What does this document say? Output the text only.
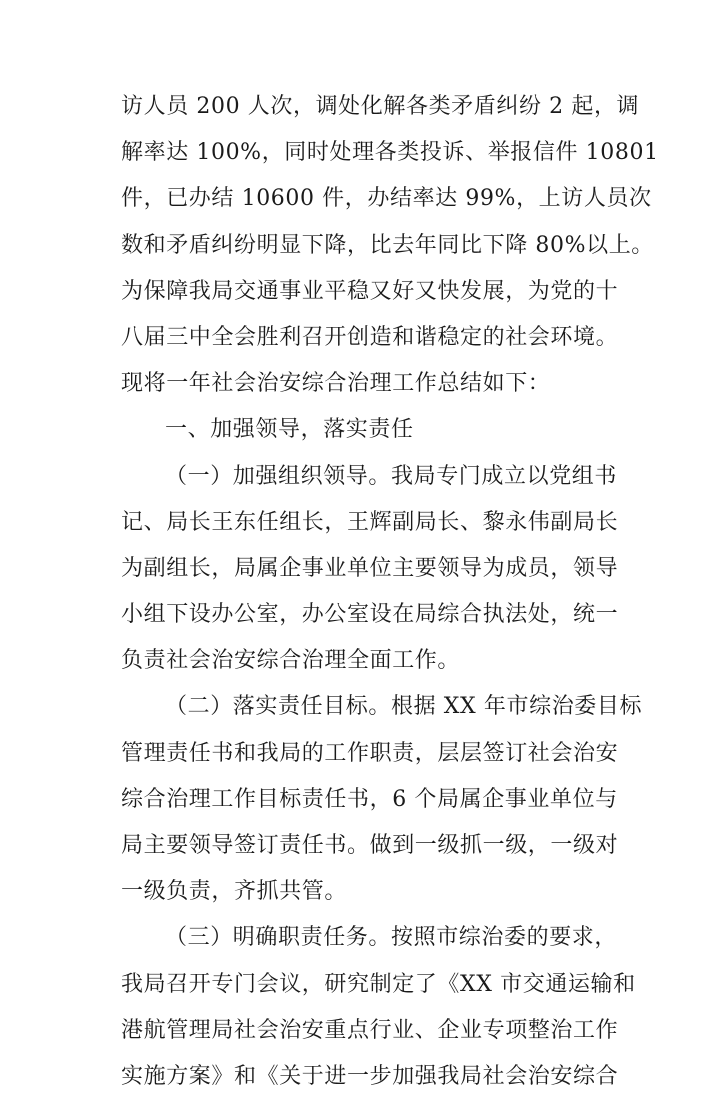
访人员 200 人次，调处化解各类矛盾纠纷 2 起，调
解率达 100%，同时处理各类投诉、举报信件 10801
件，已办结 10600 件，办结率达 99%，上访人员次
数和矛盾纠纷明显下降，比去年同比下降 80%以上。
为保障我局交通事业平稳又好又快发展，为党的十
八届三中全会胜利召开创造和谐稳定的社会环境。
现将一年社会治安综合治理工作总结如下：
一、加强领导，落实责任
（一）加强组织领导。我局专门成立以党组书
记、局长王东任组长，王辉副局长、黎永伟副局长
为副组长，局属企事业单位主要领导为成员，领导
小组下设办公室，办公室设在局综合执法处，统一
负责社会治安综合治理全面工作。
（二）落实责任目标。根据 XX 年市综治委目标
管理责任书和我局的工作职责，层层签订社会治安
综合治理工作目标责任书，6 个局属企事业单位与
局主要领导签订责任书。做到一级抓一级，一级对
一级负责，齐抓共管。
（三）明确职责任务。按照市综治委的要求，
我局召开专门会议，研究制定了《XX 市交通运输和
港航管理局社会治安重点行业、企业专项整治工作
实施方案》和《关于进一步加强我局社会治安综合
